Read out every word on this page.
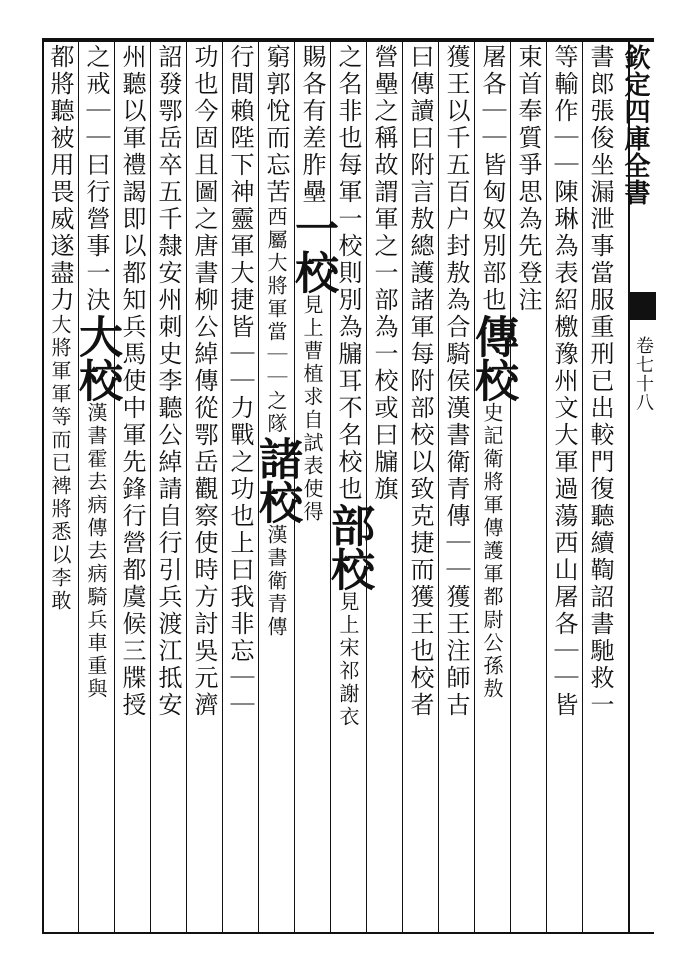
欽定四庫全書
卷七十八
書郎張俊坐漏泄事當服重刑已出較門復聽續鞫詔書馳救一
等輸作｜｜陳琳為表紹檄豫州文大軍過蕩西山屠各｜｜皆
束首奉質爭思為先登注
屠各｜｜皆匈奴別部也傳校史記衛將軍傳護軍都尉公孫敖
獲王以千五百户封敖為合騎侯漢書衛青傳｜｜獲王注師古
曰傳讀曰附言敖總護諸軍每附部校以致克捷而獲王也校者
營壘之稱故謂軍之一部為一校或曰牖旗
之名非也每軍一校則別為牖耳不名校也部校見上宋祁謝衣
賜各有差胙壘一校見上曹植求自試表使得
窮郭悅而忘苦西屬大將軍當｜｜之隊諸校漢書衛青傳
行間賴陛下神靈軍大捷皆｜｜力戰之功也上曰我非忘｜｜
功也今固且圖之唐書柳公綽傳從鄂岳觀察使時方討吳元濟
詔發鄂岳卒五千隸安州刺史李聽公綽請自行引兵渡江抵安
州聽以軍禮謁即以都知兵馬使中軍先鋒行營都虞候三牒授
之戒｜｜曰行營事一決大校漢書霍去病傳去病騎兵車重與
都將聽被用畏威遂盡力大將軍軍等而已裨將悉以李敢
